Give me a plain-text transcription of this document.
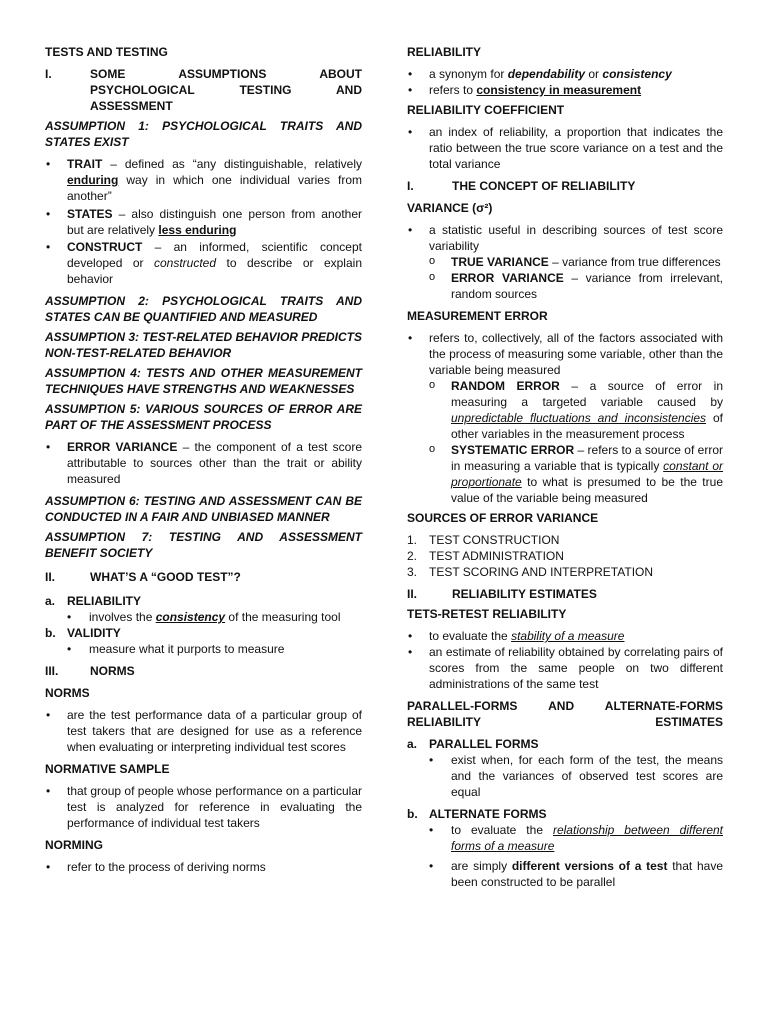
TESTS AND TESTING
I.	SOME ASSUMPTIONS ABOUT PSYCHOLOGICAL TESTING AND ASSESSMENT
ASSUMPTION 1: PSYCHOLOGICAL TRAITS AND STATES EXIST
• TRAIT – defined as “any distinguishable, relatively enduring way in which one individual varies from another”
• STATES – also distinguish one person from another but are relatively less enduring
• CONSTRUCT – an informed, scientific concept developed or constructed to describe or explain behavior
ASSUMPTION 2: PSYCHOLOGICAL TRAITS AND STATES CAN BE QUANTIFIED AND MEASURED
ASSUMPTION 3: TEST-RELATED BEHAVIOR PREDICTS NON-TEST-RELATED BEHAVIOR
ASSUMPTION 4: TESTS AND OTHER MEASUREMENT TECHNIQUES HAVE STRENGTHS AND WEAKNESSES
ASSUMPTION 5: VARIOUS SOURCES OF ERROR ARE PART OF THE ASSESSMENT PROCESS
• ERROR VARIANCE – the component of a test score attributable to sources other than the trait or ability measured
ASSUMPTION 6: TESTING AND ASSESSMENT CAN BE CONDUCTED IN A FAIR AND UNBIASED MANNER
ASSUMPTION 7: TESTING AND ASSESSMENT BENEFIT SOCIETY
II.	WHAT’S A “GOOD TEST”?
a. RELIABILITY
• involves the consistency of the measuring tool
b. VALIDITY
• measure what it purports to measure
III.	NORMS
NORMS
• are the test performance data of a particular group of test takers that are designed for use as a reference when evaluating or interpreting individual test scores
NORMATIVE SAMPLE
• that group of people whose performance on a particular test is analyzed for reference in evaluating the performance of individual test takers
NORMING
• refer to the process of deriving norms
RELIABILITY
• a synonym for dependability or consistency
• refers to consistency in measurement
RELIABILITY COEFFICIENT
• an index of reliability, a proportion that indicates the ratio between the true score variance on a test and the total variance
I.	THE CONCEPT OF RELIABILITY
VARIANCE (σ²)
• a statistic useful in describing sources of test score variability
o TRUE VARIANCE – variance from true differences
o ERROR VARIANCE – variance from irrelevant, random sources
MEASUREMENT ERROR
• refers to, collectively, all of the factors associated with the process of measuring some variable, other than the variable being measured
o RANDOM ERROR – a source of error in measuring a targeted variable caused by unpredictable fluctuations and inconsistencies of other variables in the measurement process
o SYSTEMATIC ERROR – refers to a source of error in measuring a variable that is typically constant or proportionate to what is presumed to be the true value of the variable being measured
SOURCES OF ERROR VARIANCE
1. TEST CONSTRUCTION
2. TEST ADMINISTRATION
3. TEST SCORING AND INTERPRETATION
II.	RELIABILITY ESTIMATES
TETS-RETEST RELIABILITY
• to evaluate the stability of a measure
• an estimate of reliability obtained by correlating pairs of scores from the same people on two different administrations of the same test
PARALLEL-FORMS AND ALTERNATE-FORMS RELIABILITY ESTIMATES
a. PARALLEL FORMS
• exist when, for each form of the test, the means and the variances of observed test scores are equal
b. ALTERNATE FORMS
• to evaluate the relationship between different forms of a measure
• are simply different versions of a test that have been constructed to be parallel
